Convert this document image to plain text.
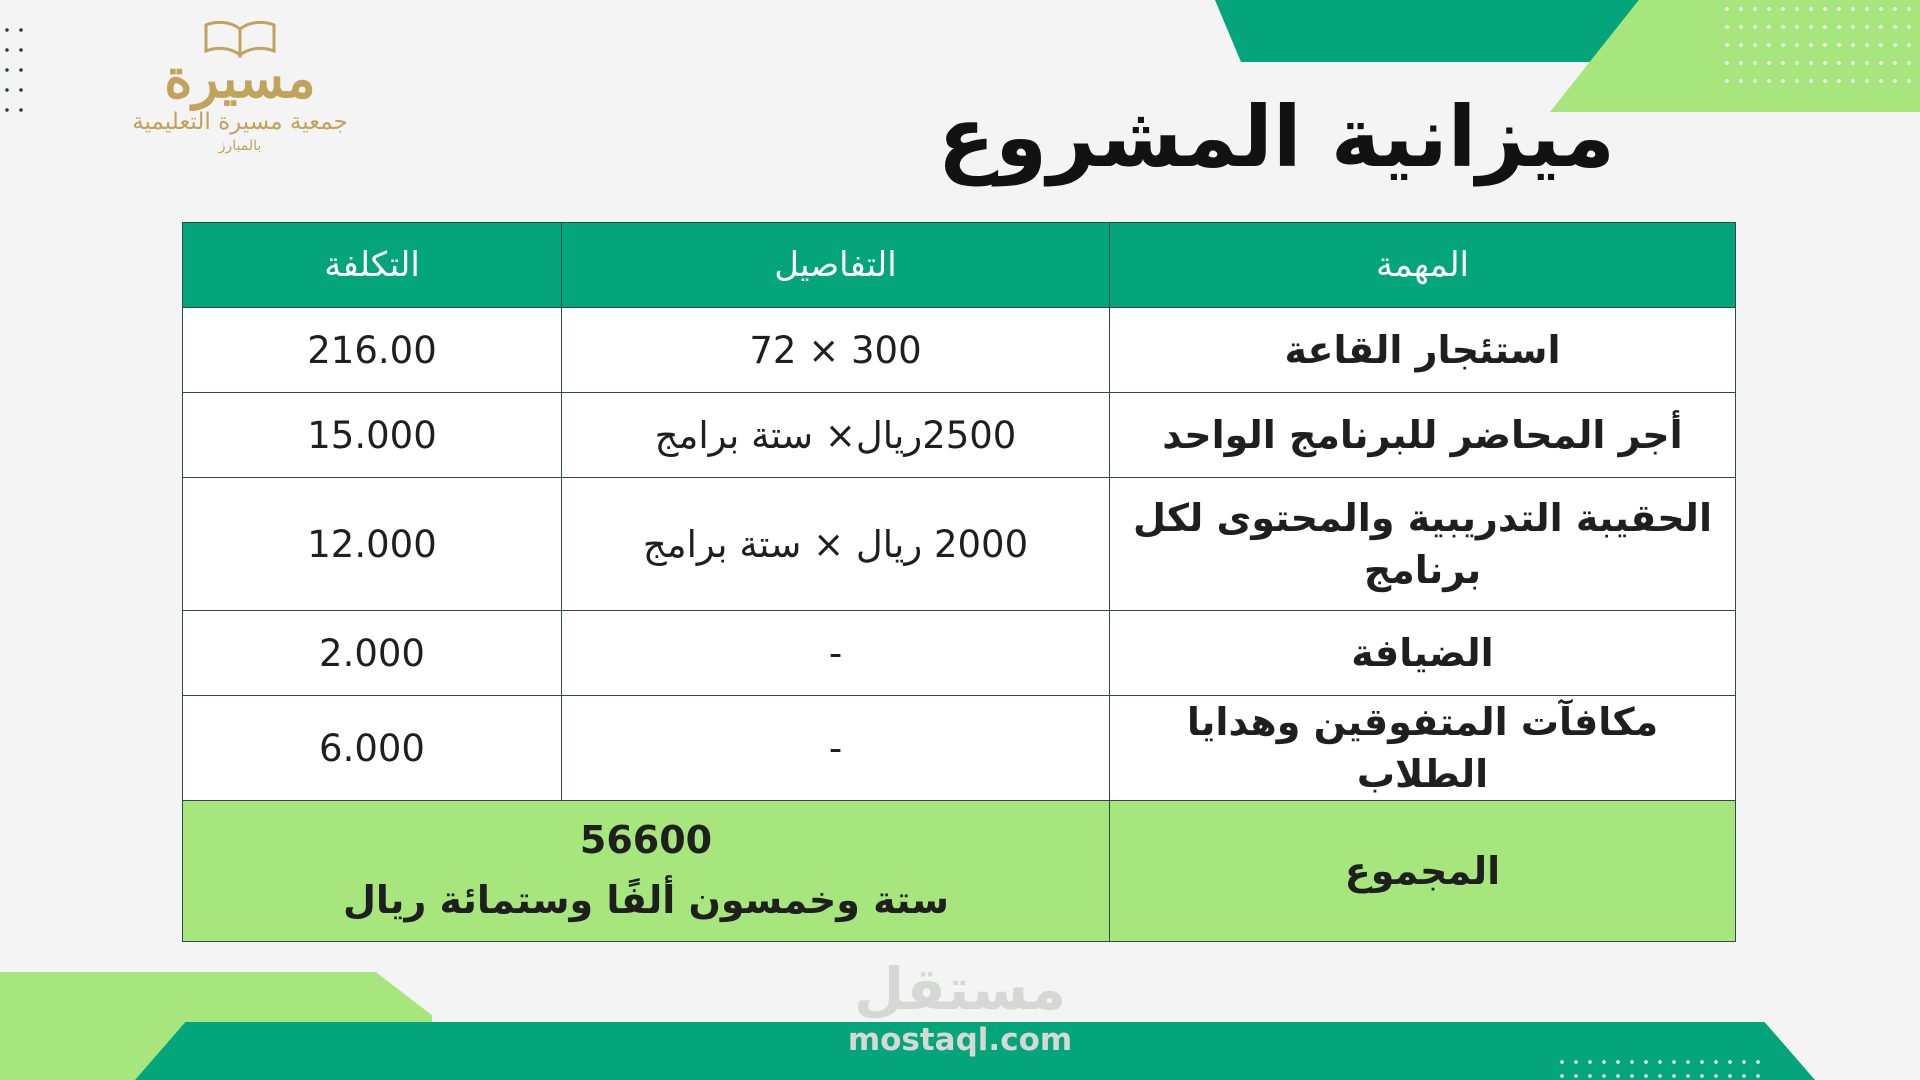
مسيرة
جمعية مسيرة التعليمية
بالمبارز	ميزانية المشروع
المهمة	التفاصيل	التكلفة
استئجار القاعة	300 × 72	216.00
أجر المحاضر للبرنامج الواحد	2500ريال× ستة برامج	15.000
الحقيبة التدريبية والمحتوى لكل برنامج	2000 ريال × ستة برامج	12.000
الضيافة	-	2.000
مكافآت المتفوقين وهدايا الطلاب	-	6.000
المجموع	56600
ستة وخمسون ألفًا وستمائة ريال	
مستقل
mostaql.com
